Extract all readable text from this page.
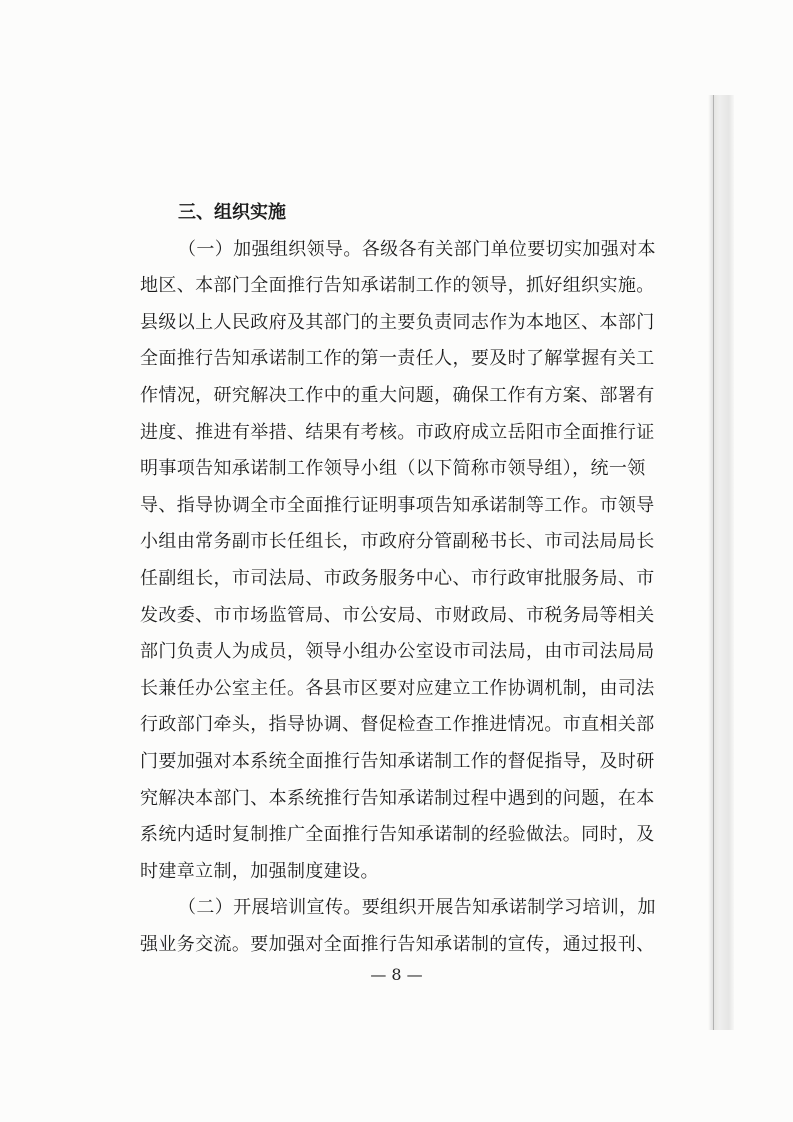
三、组织实施
（一）加强组织领导。各级各有关部门单位要切实加强对本
地区、本部门全面推行告知承诺制工作的领导，抓好组织实施。
县级以上人民政府及其部门的主要负责同志作为本地区、本部门
全面推行告知承诺制工作的第一责任人，要及时了解掌握有关工
作情况，研究解决工作中的重大问题，确保工作有方案、部署有
进度、推进有举措、结果有考核。市政府成立岳阳市全面推行证
明事项告知承诺制工作领导小组（以下简称市领导组），统一领
导、指导协调全市全面推行证明事项告知承诺制等工作。市领导
小组由常务副市长任组长，市政府分管副秘书长、市司法局局长
任副组长，市司法局、市政务服务中心、市行政审批服务局、市
发改委、市市场监管局、市公安局、市财政局、市税务局等相关
部门负责人为成员，领导小组办公室设市司法局，由市司法局局
长兼任办公室主任。各县市区要对应建立工作协调机制，由司法
行政部门牵头，指导协调、督促检查工作推进情况。市直相关部
门要加强对本系统全面推行告知承诺制工作的督促指导，及时研
究解决本部门、本系统推行告知承诺制过程中遇到的问题，在本
系统内适时复制推广全面推行告知承诺制的经验做法。同时，及
时建章立制，加强制度建设。
（二）开展培训宣传。要组织开展告知承诺制学习培训，加
强业务交流。要加强对全面推行告知承诺制的宣传，通过报刊、
— 8 —
